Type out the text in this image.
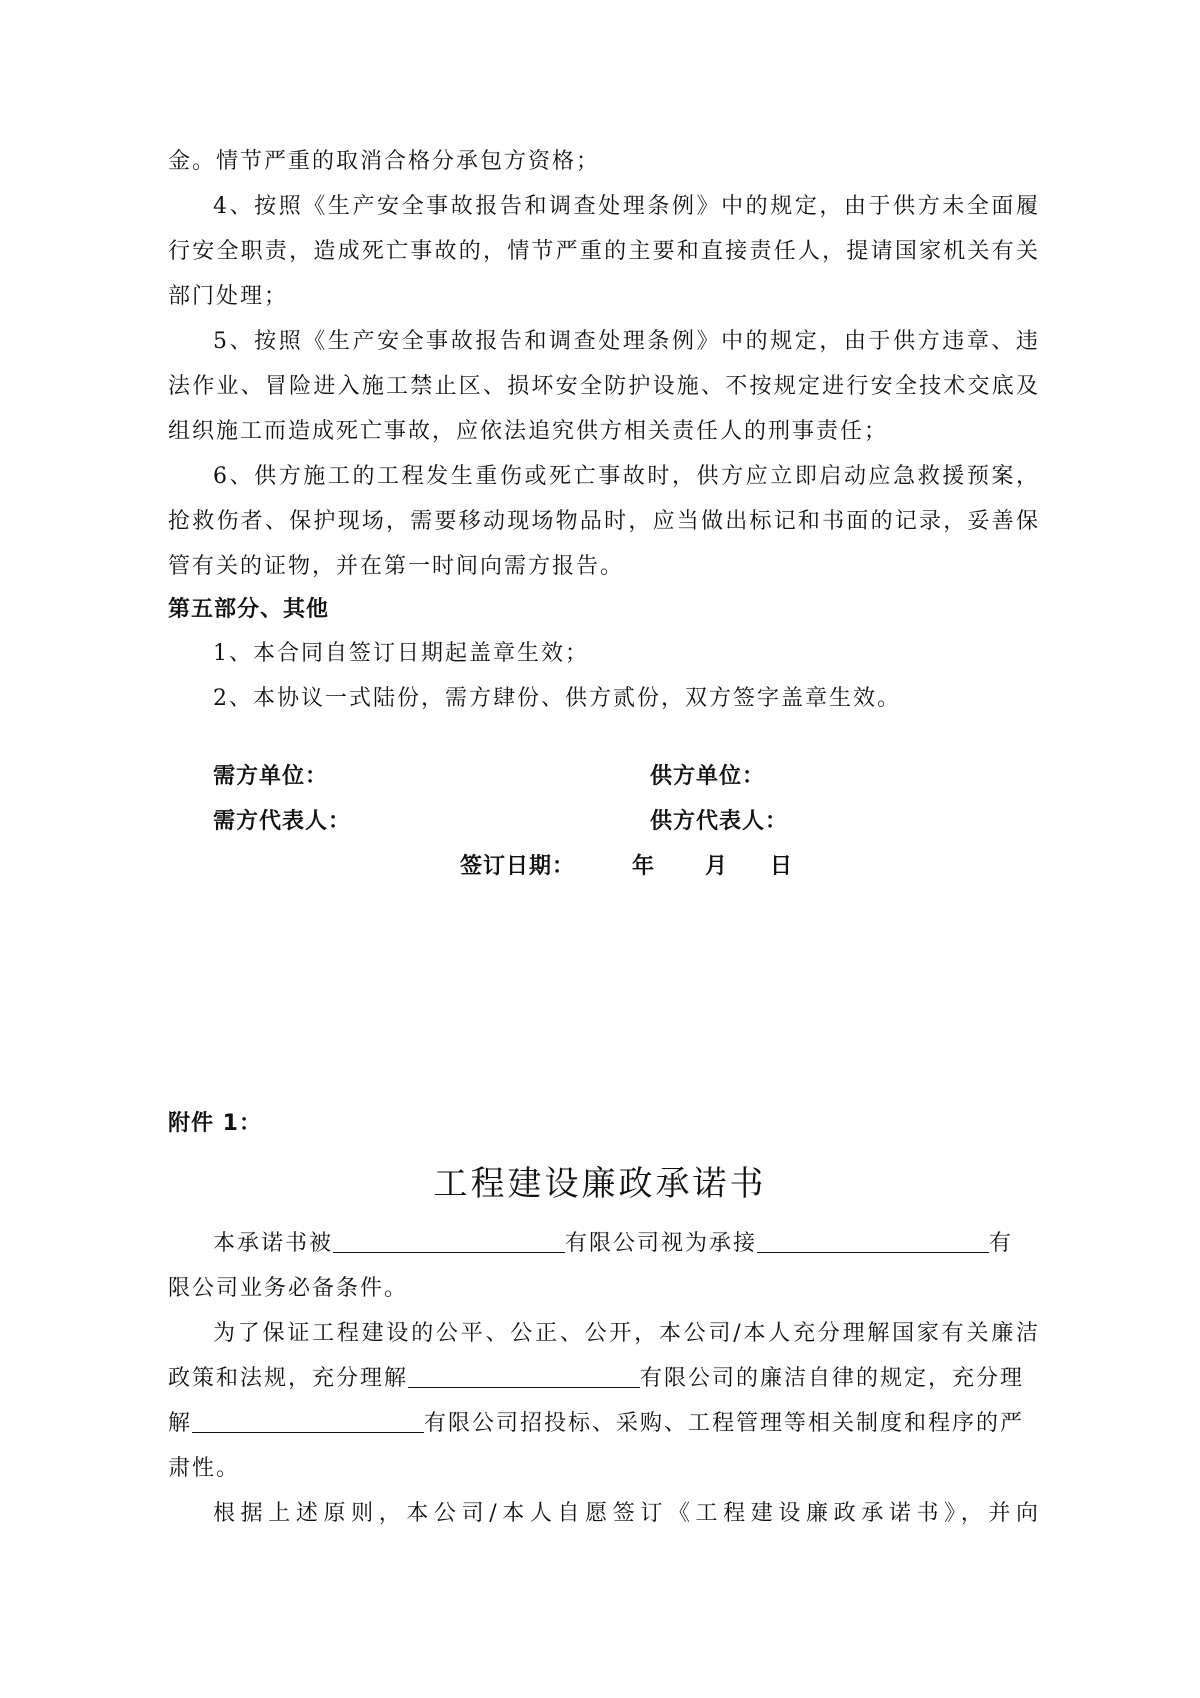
金。情节严重的取消合格分承包方资格；
4、按照《生产安全事故报告和调查处理条例》中的规定，由于供方未全面履
行安全职责，造成死亡事故的，情节严重的主要和直接责任人，提请国家机关有关
部门处理；
5、按照《生产安全事故报告和调查处理条例》中的规定，由于供方违章、违
法作业、冒险进入施工禁止区、损坏安全防护设施、不按规定进行安全技术交底及
组织施工而造成死亡事故，应依法追究供方相关责任人的刑事责任；
6、供方施工的工程发生重伤或死亡事故时，供方应立即启动应急救援预案，
抢救伤者、保护现场，需要移动现场物品时，应当做出标记和书面的记录，妥善保
管有关的证物，并在第一时间向需方报告。
第五部分、其他
1、本合同自签订日期起盖章生效；
2、本协议一式陆份，需方肆份、供方贰份，双方签字盖章生效。
需方单位：	供方单位：
需方代表人：	供方代表人：
签订日期：	年 月 日
附件 1：
工程建设廉政承诺书
本承诺书被	有限公司视为承接	有
限公司业务必备条件。
为了保证工程建设的公平、公正、公开，本公司/本人充分理解国家有关廉洁
政策和法规，充分理解	有限公司的廉洁自律的规定，充分理
解	有限公司招投标、采购、工程管理等相关制度和程序的严
肃性。
根据上述原则，本公司/本人自愿签订《工程建设廉政承诺书》，并向
